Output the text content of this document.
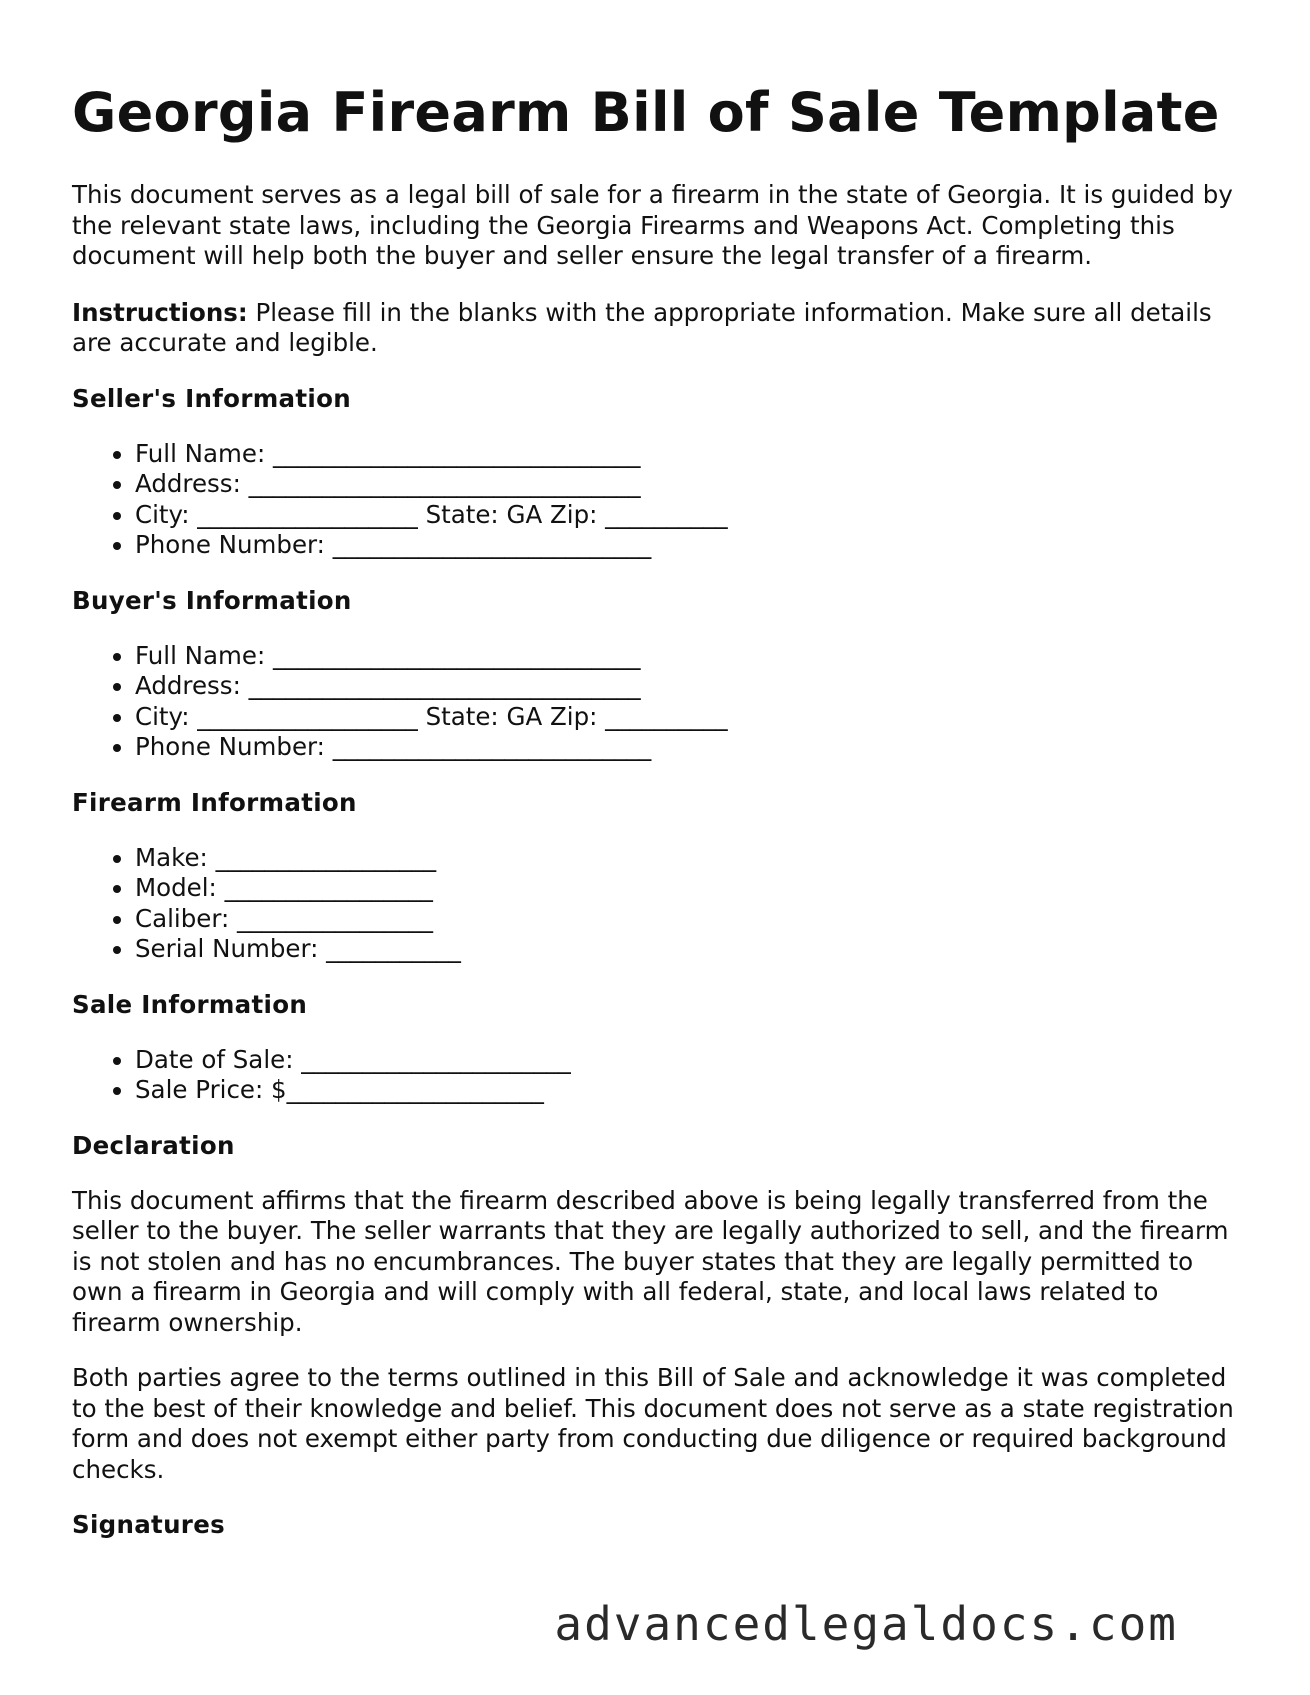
Georgia Firearm Bill of Sale Template

This document serves as a legal bill of sale for a firearm in the state of Georgia. It is guided by the relevant state laws, including the Georgia Firearms and Weapons Act. Completing this document will help both the buyer and seller ensure the legal transfer of a firearm.

Instructions: Please fill in the blanks with the appropriate information. Make sure all details are accurate and legible.

Seller's Information
• Full Name: ______________________________
• Address: ________________________________
• City: __________________ State: GA Zip: __________
• Phone Number: __________________________
Buyer's Information
• Full Name: ______________________________
• Address: ________________________________
• City: __________________ State: GA Zip: __________
• Phone Number: __________________________
Firearm Information
• Make: __________________
• Model: _________________
• Caliber: ________________
• Serial Number: ___________
Sale Information
• Date of Sale: ______________________
• Sale Price: $_____________________
Declaration

This document affirms that the firearm described above is being legally transferred from the seller to the buyer. The seller warrants that they are legally authorized to sell, and the firearm is not stolen and has no encumbrances. The buyer states that they are legally permitted to own a firearm in Georgia and will comply with all federal, state, and local laws related to firearm ownership.

Both parties agree to the terms outlined in this Bill of Sale and acknowledge it was completed to the best of their knowledge and belief. This document does not serve as a state registration form and does not exempt either party from conducting due diligence or required background checks.

Signatures
advancedlegaldocs.com
